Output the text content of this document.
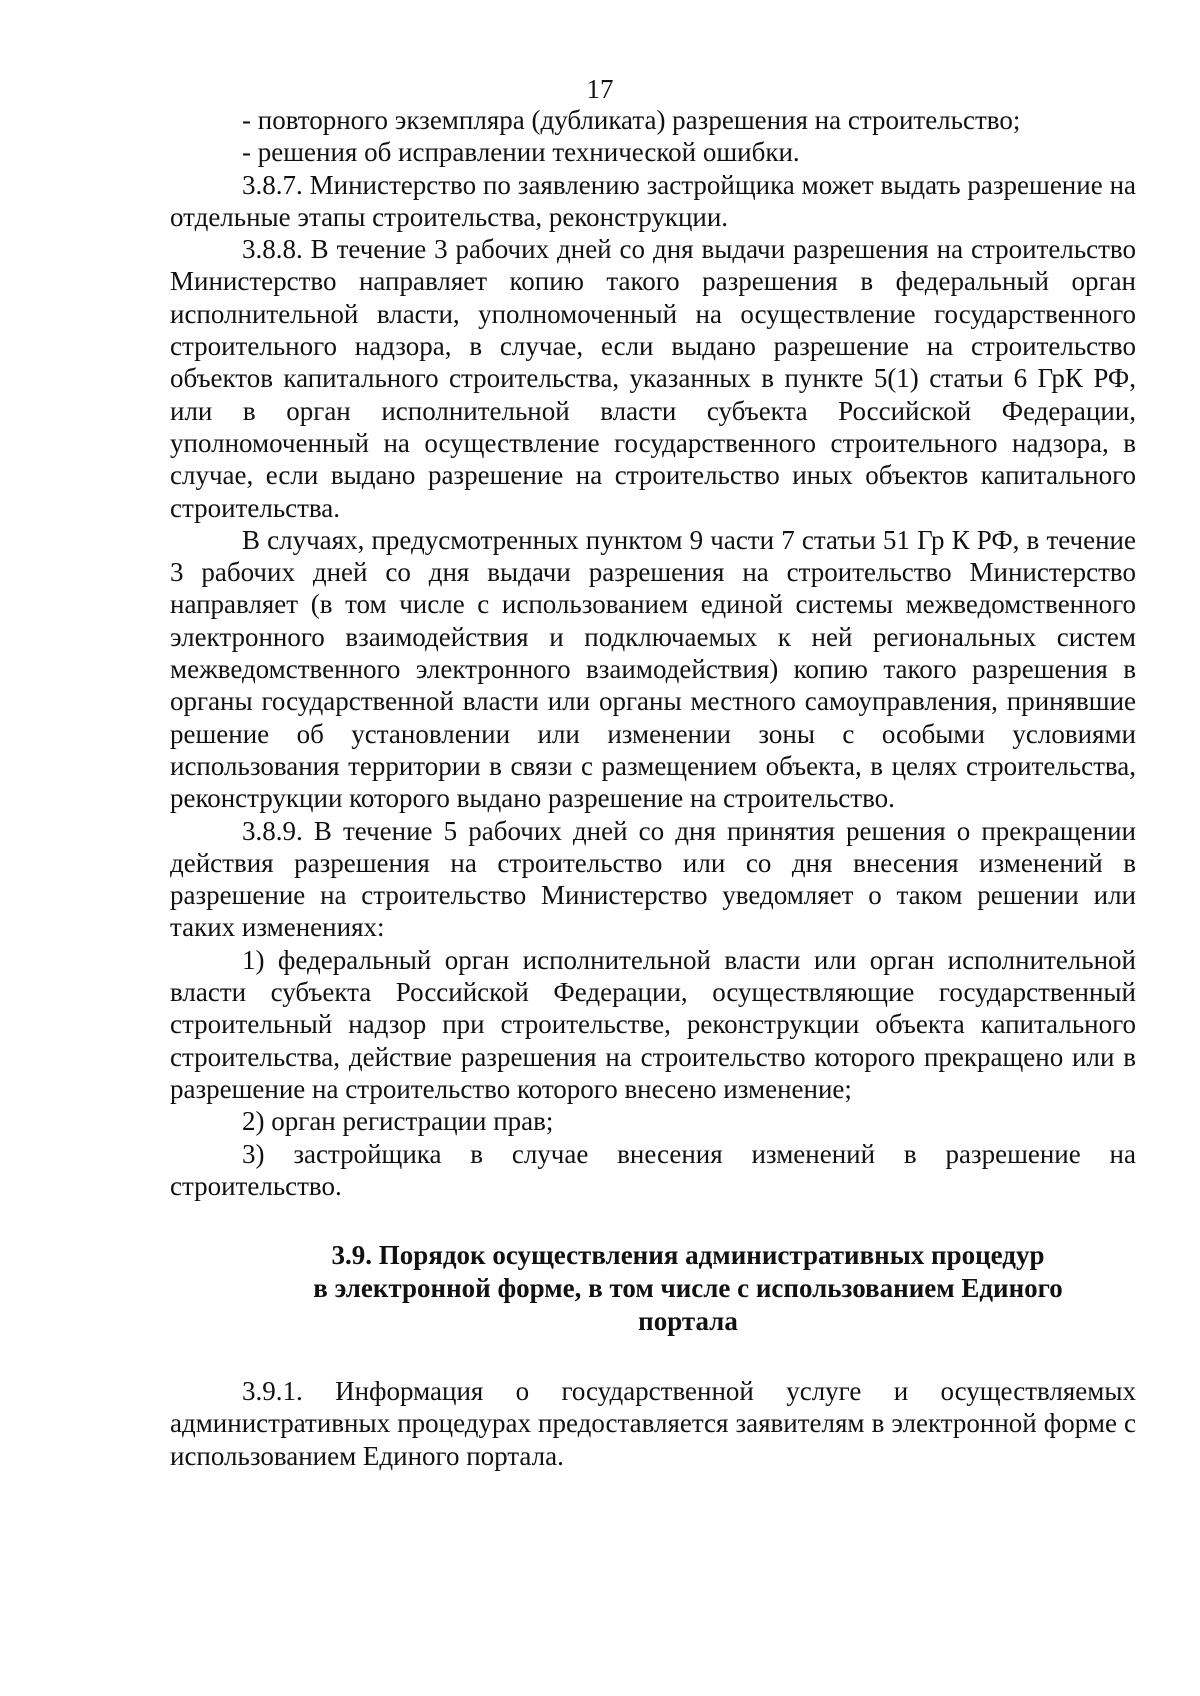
17

- повторного экземпляра (дубликата) разрешения на строительство;

- решения об исправлении технической ошибки.

3.8.7. Министерство по заявлению застройщика может выдать разрешение на отдельные этапы строительства, реконструкции.

3.8.8. В течение 3 рабочих дней со дня выдачи разрешения на строительство Министерство направляет копию такого разрешения в федеральный орган исполнительной власти, уполномоченный на осуществление государственного строительного надзора, в случае, если выдано разрешение на строительство объектов капитального строительства, указанных в пункте 5(1) статьи 6 ГрК РФ, или в орган исполнительной власти субъекта Российской Федерации, уполномоченный на осуществление государственного строительного надзора, в случае, если выдано разрешение на строительство иных объектов капитального строительства.

В случаях, предусмотренных пунктом 9 части 7 статьи 51 Гр К РФ, в течение 3 рабочих дней со дня выдачи разрешения на строительство Министерство направляет (в том числе с использованием единой системы межведомственного электронного взаимодействия и подключаемых к ней региональных систем межведомственного электронного взаимодействия) копию такого разрешения в органы государственной власти или органы местного самоуправления, принявшие решение об установлении или изменении зоны с особыми условиями использования территории в связи с размещением объекта, в целях строительства, реконструкции которого выдано разрешение на строительство.

3.8.9. В течение 5 рабочих дней со дня принятия решения о прекращении действия разрешения на строительство или со дня внесения изменений в разрешение на строительство Министерство уведомляет о таком решении или таких изменениях:

1) федеральный орган исполнительной власти или орган исполнительной власти субъекта Российской Федерации, осуществляющие государственный строительный надзор при строительстве, реконструкции объекта капитального строительства, действие разрешения на строительство которого прекращено или в разрешение на строительство которого внесено изменение;

2) орган регистрации прав;

3) застройщика в случае внесения изменений в разрешение на строительство.

3.9. Порядок осуществления административных процедур
в электронной форме, в том числе с использованием Единого
портала

3.9.1. Информация о государственной услуге и осуществляемых административных процедурах предоставляется заявителям в электронной форме с использованием Единого портала.
